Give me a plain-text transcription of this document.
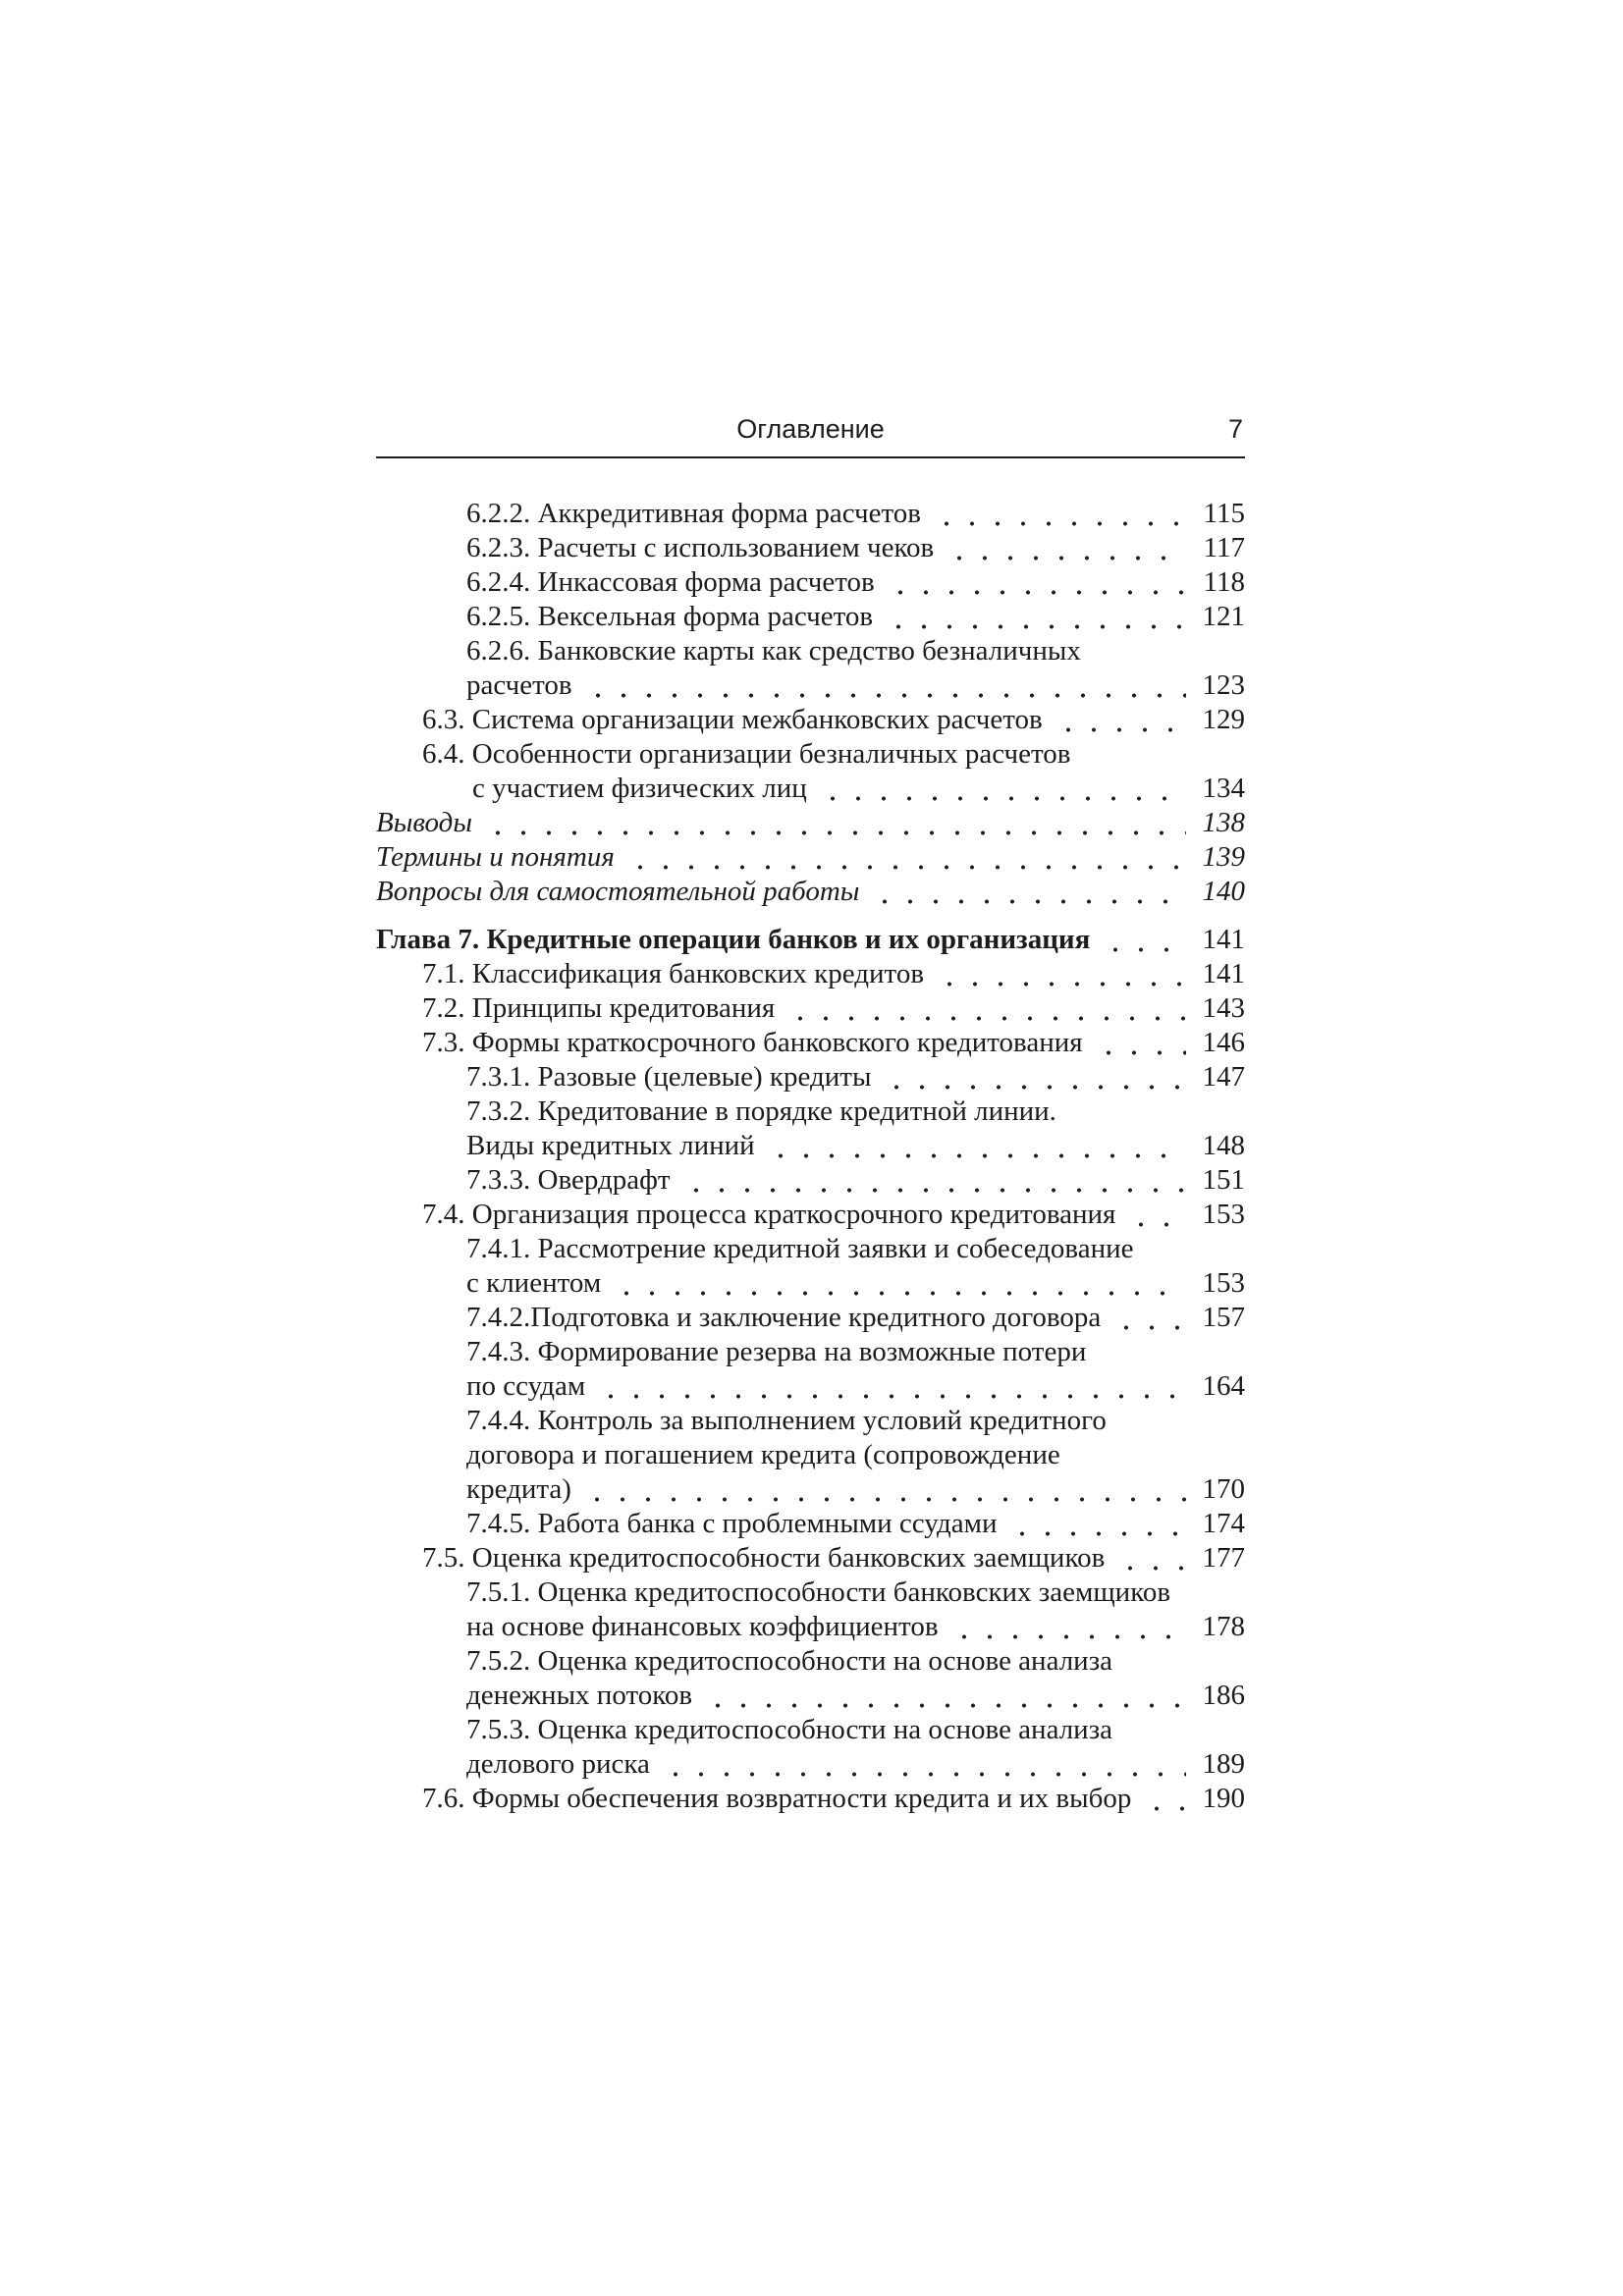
Оглавление	7
6.2.2. Аккредитивная форма расчетов	115
6.2.3. Расчеты с использованием чеков	117
6.2.4. Инкассовая форма расчетов	118
6.2.5. Вексельная форма расчетов	121
6.2.6. Банковские карты как средство безналичных
расчетов	123
6.3. Система организации межбанковских расчетов	129
6.4. Особенности организации безналичных расчетов
с участием физических лиц	134
Выводы	138
Термины и понятия	139
Вопросы для самостоятельной работы	140
Глава 7. Кредитные операции банков и их организация	141
7.1. Классификация банковских кредитов	141
7.2. Принципы кредитования	143
7.3. Формы краткосрочного банковского кредитования	146
7.3.1. Разовые (целевые) кредиты	147
7.3.2. Кредитование в порядке кредитной линии.
Виды кредитных линий	148
7.3.3. Овердрафт	151
7.4. Организация процесса краткосрочного кредитования	153
7.4.1. Рассмотрение кредитной заявки и собеседование
с клиентом	153
7.4.2.Подготовка и заключение кредитного договора	157
7.4.3. Формирование резерва на возможные потери
по ссудам	164
7.4.4. Контроль за выполнением условий кредитного
договора и погашением кредита (сопровождение
кредита)	170
7.4.5. Работа банка с проблемными ссудами	174
7.5. Оценка кредитоспособности банковских заемщиков	177
7.5.1. Оценка кредитоспособности банковских заемщиков
на основе финансовых коэффициентов	178
7.5.2. Оценка кредитоспособности на основе анализа
денежных потоков	186
7.5.3. Оценка кредитоспособности на основе анализа
делового риска	189
7.6. Формы обеспечения возвратности кредита и их выбор 190
